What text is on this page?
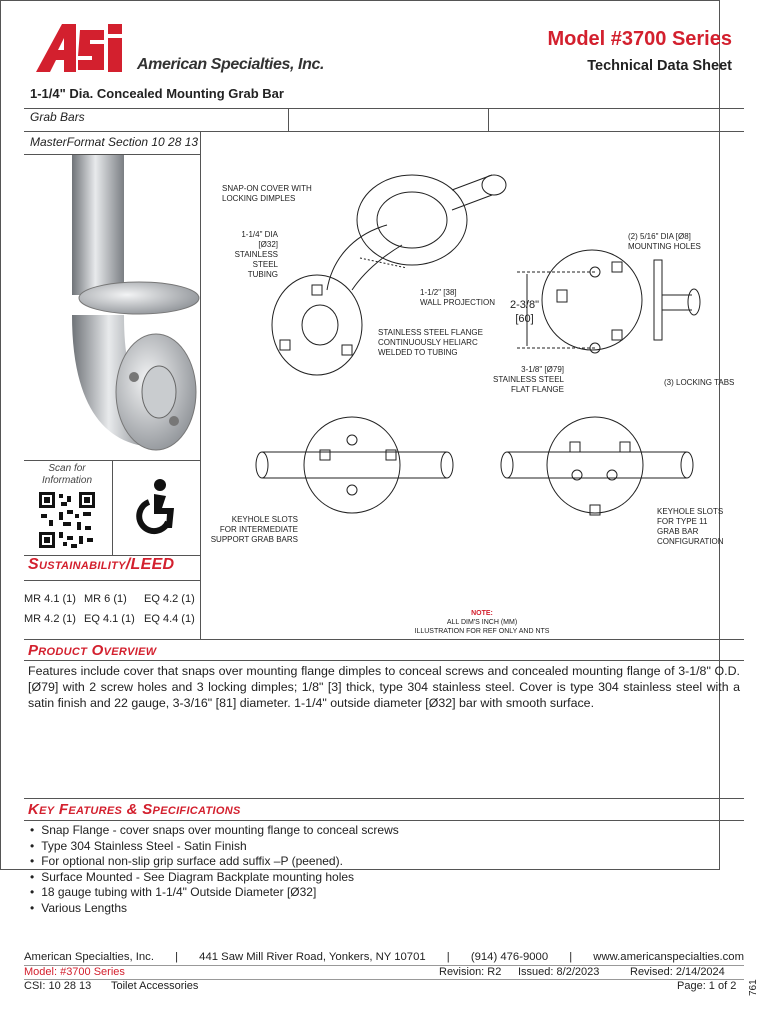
American Specialties, Inc.
Model #3700 Series
Technical Data Sheet
1-1/4" Dia. Concealed Mounting Grab Bar
Grab Bars
MasterFormat Section 10 28 13
Scan for Information
Sustainability/LEED
MR 4.1 (1) MR 6 (1) EQ 4.2 (1)
MR 4.2 (1) EQ 4.1 (1) EQ 4.4 (1)
SNAP-ON COVER WITH
LOCKING DIMPLES
1-1/4" DIA [Ø32]
STAINLESS
STEEL TUBING
1-1/2" [38]
WALL PROJECTION
STAINLESS STEEL FLANGE
CONTINUOUSLY HELIARC
WELDED TO TUBING
(2) 5/16" DIA [Ø8]
MOUNTING HOLES
2-3/8"
[60]
3-1/8" [Ø79]
STAINLESS STEEL
FLAT FLANGE
(3) LOCKING TABS
KEYHOLE SLOTS
FOR INTERMEDIATE
SUPPORT GRAB BARS
KEYHOLE SLOTS
FOR TYPE 11
GRAB BAR
CONFIGURATION
NOTE:
ALL DIM'S INCH (MM)
ILLUSTRATION FOR REF ONLY AND NTS
Product Overview
Features include cover that snaps over mounting flange dimples to conceal screws and concealed mounting flange of 3-1/8" O.D. [Ø79] with 2 screw holes and 3 locking dimples; 1/8" [3] thick, type 304 stainless steel. Cover is type 304 stainless steel with a satin finish and 22 gauge, 3-3/16" [81] diameter. 1-1/4" outside diameter [Ø32] bar with smooth surface.
Key Features & Specifications
• Snap Flange - cover snaps over mounting flange to conceal screws
• Type 304 Stainless Steel - Satin Finish
• For optional non-slip grip surface add suffix –P (peened).
• Surface Mounted - See Diagram Backplate mounting holes
• 18 gauge tubing with 1-1/4" Outside Diameter [Ø32]
• Various Lengths
American Specialties, Inc. | 441 Saw Mill River Road, Yonkers, NY 10701 | (914) 476-9000 | www.americanspecialties.com
Model: #3700 Series	Revision: R2 Issued: 8/2/2023	Revised: 2/14/2024
CSI: 10 28 13 Toilet Accessories	Page: 1 of 2 761
